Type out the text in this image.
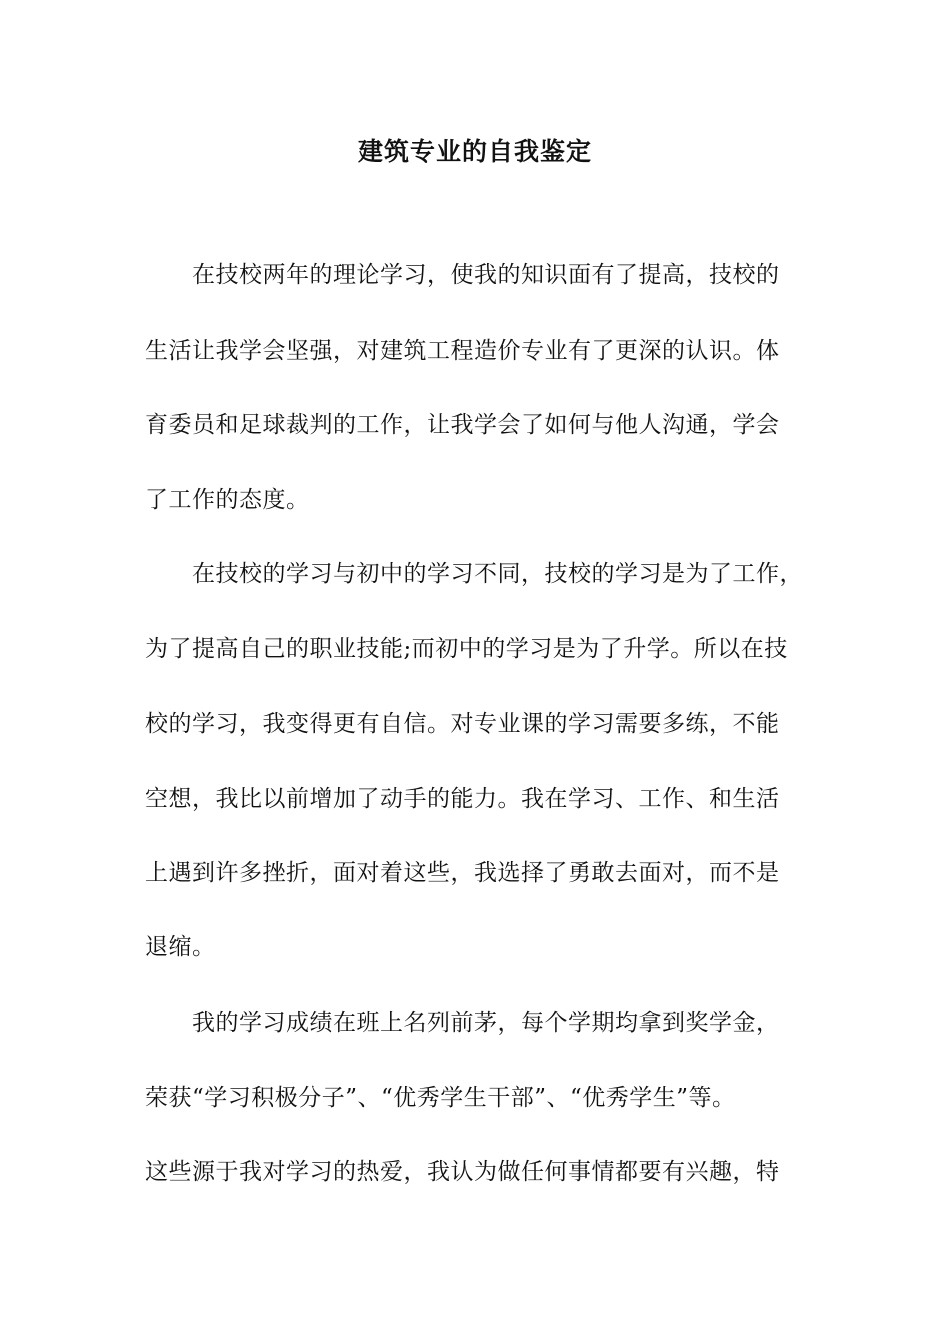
建筑专业的自我鉴定
在技校两年的理论学习，使我的知识面有了提高，技校的
生活让我学会坚强，对建筑工程造价专业有了更深的认识。体
育委员和足球裁判的工作，让我学会了如何与他人沟通，学会
了工作的态度。
在技校的学习与初中的学习不同，技校的学习是为了工作，
为了提高自己的职业技能;而初中的学习是为了升学。所以在技
校的学习，我变得更有自信。对专业课的学习需要多练，不能
空想，我比以前增加了动手的能力。我在学习、工作、和生活
上遇到许多挫折，面对着这些，我选择了勇敢去面对，而不是
退缩。
我的学习成绩在班上名列前茅，每个学期均拿到奖学金，
荣获“学习积极分子”、“优秀学生干部”、“优秀学生”等。
这些源于我对学习的热爱，我认为做任何事情都要有兴趣，特
